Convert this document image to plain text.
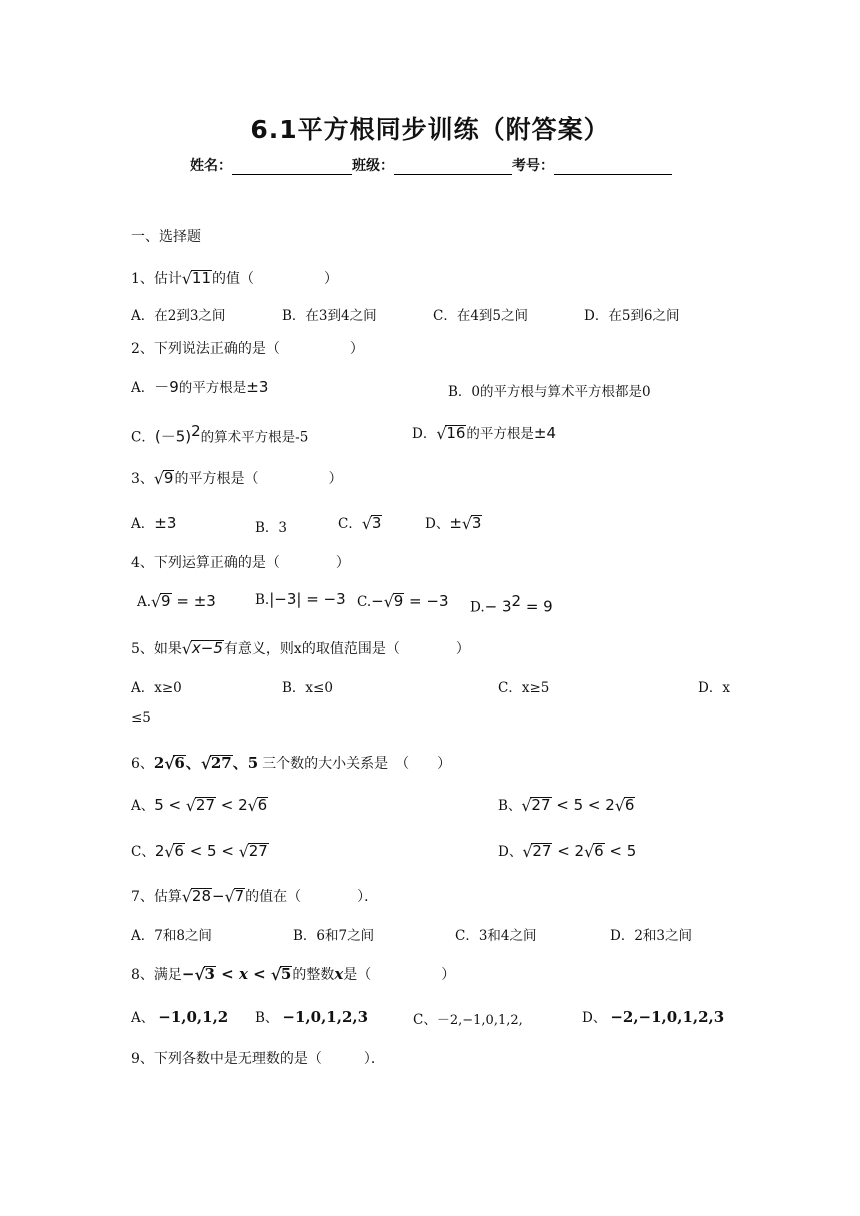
6.1平方根同步训练（附答案）
姓名：	班级：	考号：
一、选择题
1、估计 √ 11的值（　　　　　）
A．在2到3之间	B．在3到4之间	C．在4到5之间	D．在5到6之间
2、下列说法正确的是（　　　　　）
A．－9的平方根是±3	B．0的平方根与算术平方根都是0
C．$(-5)^2$的算术平方根是-5	D． √ 16的平方根是±4
3、 √ 9的平方根是（　　　　　）
A．±3	B．3	C． √ 3	D、± √ 3
4、下列运算正确的是（　　　　）
A. √ 9 = ±3	B.|−3| = −3 C.− √ 9 = −3 $D.- 3^2 = 9$
5、如果 √ x−5有意义，则x的取值范围是（　　　　）
A．x≥0	B．x≤0	C．x≥5	D．x
≤5
6、2 √ 6、 √ 27、5 三个数的大小关系是　（　　）
A、5 < √ 27 < 2 √ 6	B、 √ 27 < 5 < 2 √ 6
C、2 √ 6 < 5 < √ 27	D、 √ 27 < 2 √ 6 < 5
7、估算 √ 28− √ 7的值在（　　　　）．
A．7和8之间	B．6和7之间	C．3和4之间	D．2和3之间
8、满足− √ 3 < x < √ 5的整数x是（　　　　　）
A、 −1,0,1,2 B、 −1,0,1,2,3	C、－2,−1,0,1,2,	D、 −2,−1,0,1,2,3
9、下列各数中是无理数的是（　　　）．
